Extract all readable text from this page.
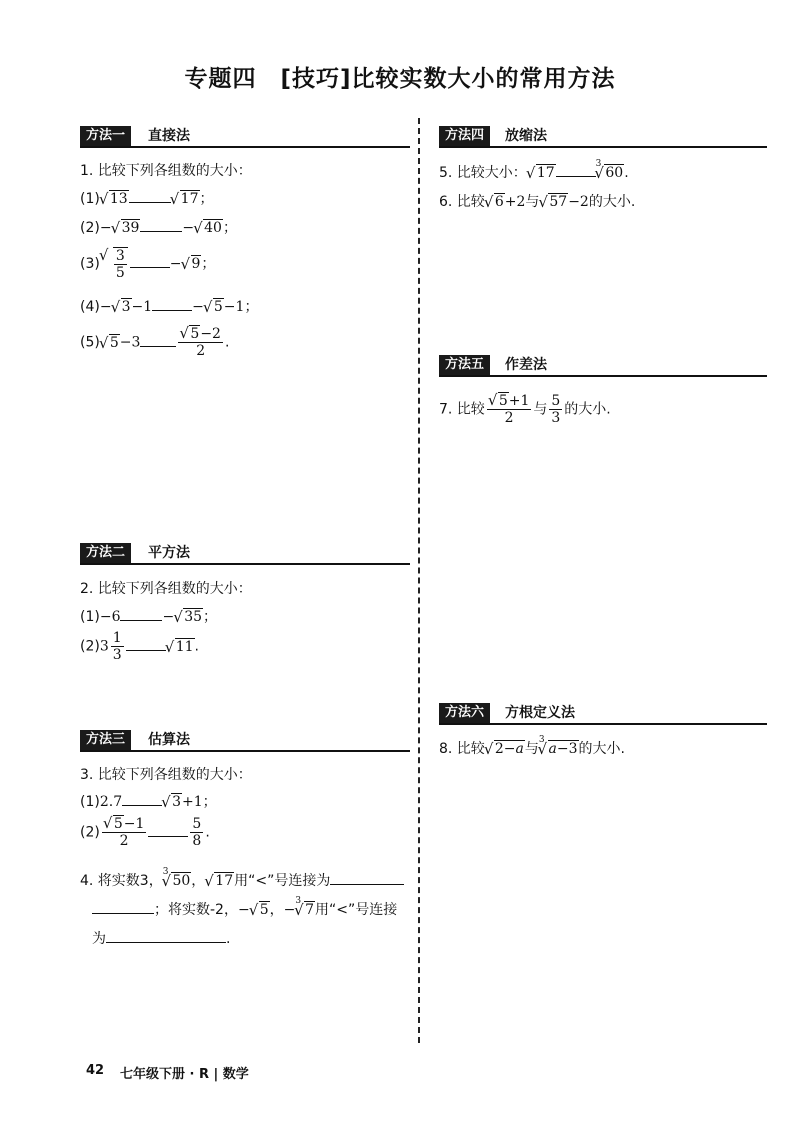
专题四　[技巧]比较实数大小的常用方法
方法一	直接法
1. 比较下列各组数的大小：
(1) √ 13	√ 17；
(2)− √ 39	− √ 40；
(3) √ $\frac{3}{5}$	− √ 9；
(4)− √ 3−1	− √ 5−1；
(5) √ 5−3	√ $\frac{5-2}{2}$ .
方法二	平方法
2. 比较下列各组数的大小：
(1)−6	− √ 35；
$(2)3 \frac{1}{3}$	√ 11.
方法三	估算法
3. 比较下列各组数的大小：
(1)2.7	√ 3+1；
(2) √ $\frac{5-1}{2}$	$\frac{5}{8}$ .
4. 将实数3，$^3$√ 50， √ 17用“<”号连接为
；将实数-2，− √ 5，−$^3$√ 7用“<”号连接
为	.
方法四	放缩法
5. 比较大小： √ $17^3√$ 60.
6. 比较 √ 6+2与 √ 57−2的大小.
方法五	作差法
7. 比较 √ $\frac{5+1}{2}$ 与 $\frac{5}{3}$ 的大小.
方法六	方根定义法
8. 比较 √ 2−a与$^3$√ a−3的大小.
42 七年级下册 · R | 数学
